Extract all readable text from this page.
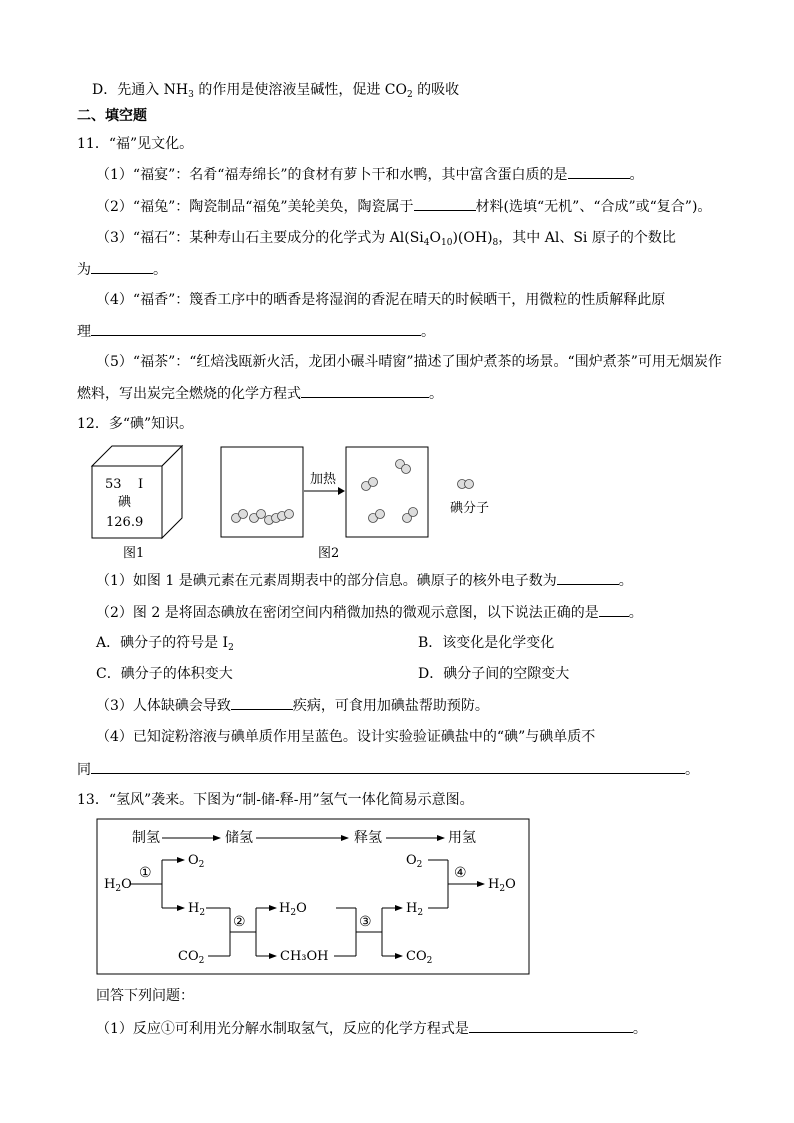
D．先通入 $NH_3$ 的作用是使溶液呈碱性，促进 $CO_2$ 的吸收
二、填空题
11．“福”见文化。
（1）“福宴”：名肴“福寿绵长”的食材有萝卜干和水鸭，其中富含蛋白质的是	。
（2）“福兔”：陶瓷制品“福兔”美轮美奂，陶瓷属于	材料(选填“无机”、“合成”或“复合”)。
（3）“福石”：某种寿山石主要成分的化学式为 $Al(Si_4O_{10})(OH)_8$，其中 Al、Si 原子的个数比
为	。
（4）“福香”：篾香工序中的晒香是将湿润的香泥在晴天的时候晒干，用微粒的性质解释此原
理	。
（5）“福茶”：“红焙浅瓯新火活，龙团小碾斗晴窗”描述了围炉煮茶的场景。“围炉煮茶”可用无烟炭作
燃料，写出炭完全燃烧的化学方程式	。
12．多“碘”知识。
53 I
碘
126.9
图1
加热
碘分子
图2
（1）如图 1 是碘元素在元素周期表中的部分信息。碘原子的核外电子数为	。
（2）图 2 是将固态碘放在密闭空间内稍微加热的微观示意图，以下说法正确的是 。
A．碘分子的符号是 $I_2$	B．该变化是化学变化
C．碘分子的体积变大	D．碘分子间的空隙变大
（3）人体缺碘会导致	疾病，可食用加碘盐帮助预防。
（4）已知淀粉溶液与碘单质作用呈蓝色。设计实验验证碘盐中的“碘”与碘单质不
同	。
13．“氢风”袭来。下图为“制-储-释-用”氢气一体化简易示意图。
制氢	储氢	释氢	用氢
$H_2O$
①
$O_2$
$H_2$
$CO_2$
②
$H_2O$
CH₃OH
③
$H_2$
$CO_2$
$O_2$ ④
$H_2O$
回答下列问题：
（1）反应①可利用光分解水制取氢气，反应的化学方程式是	。
